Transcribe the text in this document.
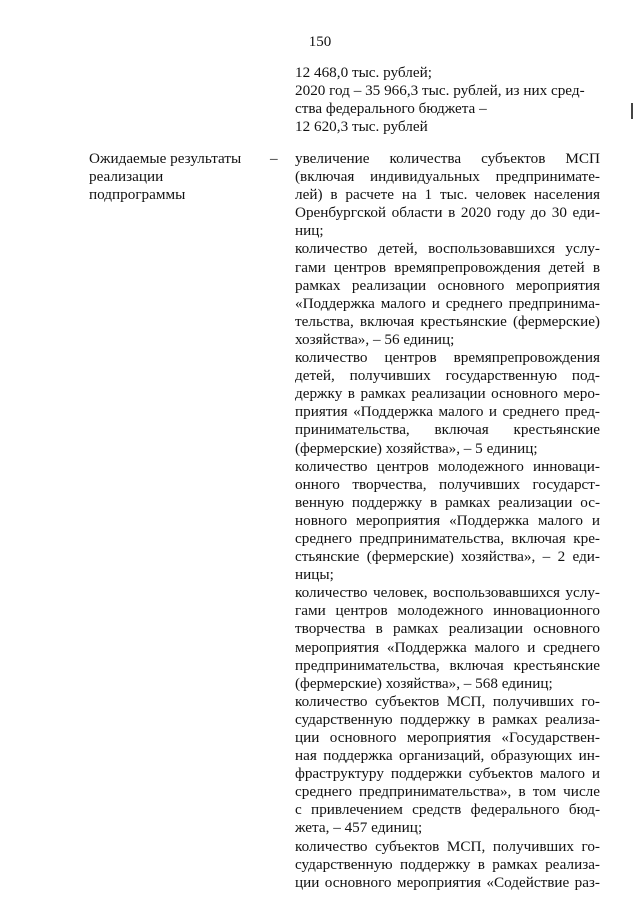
150
12 468,0 тыс. рублей;
2020 год – 35 966,3 тыс. рублей, из них сред-
ства федерального бюджета –
12 620,3 тыс. рублей
Ожидаемые результаты
реализации
подпрограммы
– увеличение количества субъектов МСП
(включая индивидуальных предпринимате-
лей) в расчете на 1 тыс. человек населения
Оренбургской области в 2020 году до 30 еди-
ниц;
количество детей, воспользовавшихся услу-
гами центров времяпрепровождения детей в
рамках реализации основного мероприятия
«Поддержка малого и среднего предпринима-
тельства, включая крестьянские (фермерские)
хозяйства», – 56 единиц;
количество центров времяпрепровождения
детей, получивших государственную под-
держку в рамках реализации основного меро-
приятия «Поддержка малого и среднего пред-
принимательства, включая крестьянские
(фермерские) хозяйства», – 5 единиц;
количество центров молодежного инноваци-
онного творчества, получивших государст-
венную поддержку в рамках реализации ос-
новного мероприятия «Поддержка малого и
среднего предпринимательства, включая кре-
стьянские (фермерские) хозяйства», – 2 еди-
ницы;
количество человек, воспользовавшихся услу-
гами центров молодежного инновационного
творчества в рамках реализации основного
мероприятия «Поддержка малого и среднего
предпринимательства, включая крестьянские
(фермерские) хозяйства», – 568 единиц;
количество субъектов МСП, получивших го-
сударственную поддержку в рамках реализа-
ции основного мероприятия «Государствен-
ная поддержка организаций, образующих ин-
фраструктуру поддержки субъектов малого и
среднего предпринимательства», в том числе
с привлечением средств федерального бюд-
жета, – 457 единиц;
количество субъектов МСП, получивших го-
сударственную поддержку в рамках реализа-
ции основного мероприятия «Содействие раз-
